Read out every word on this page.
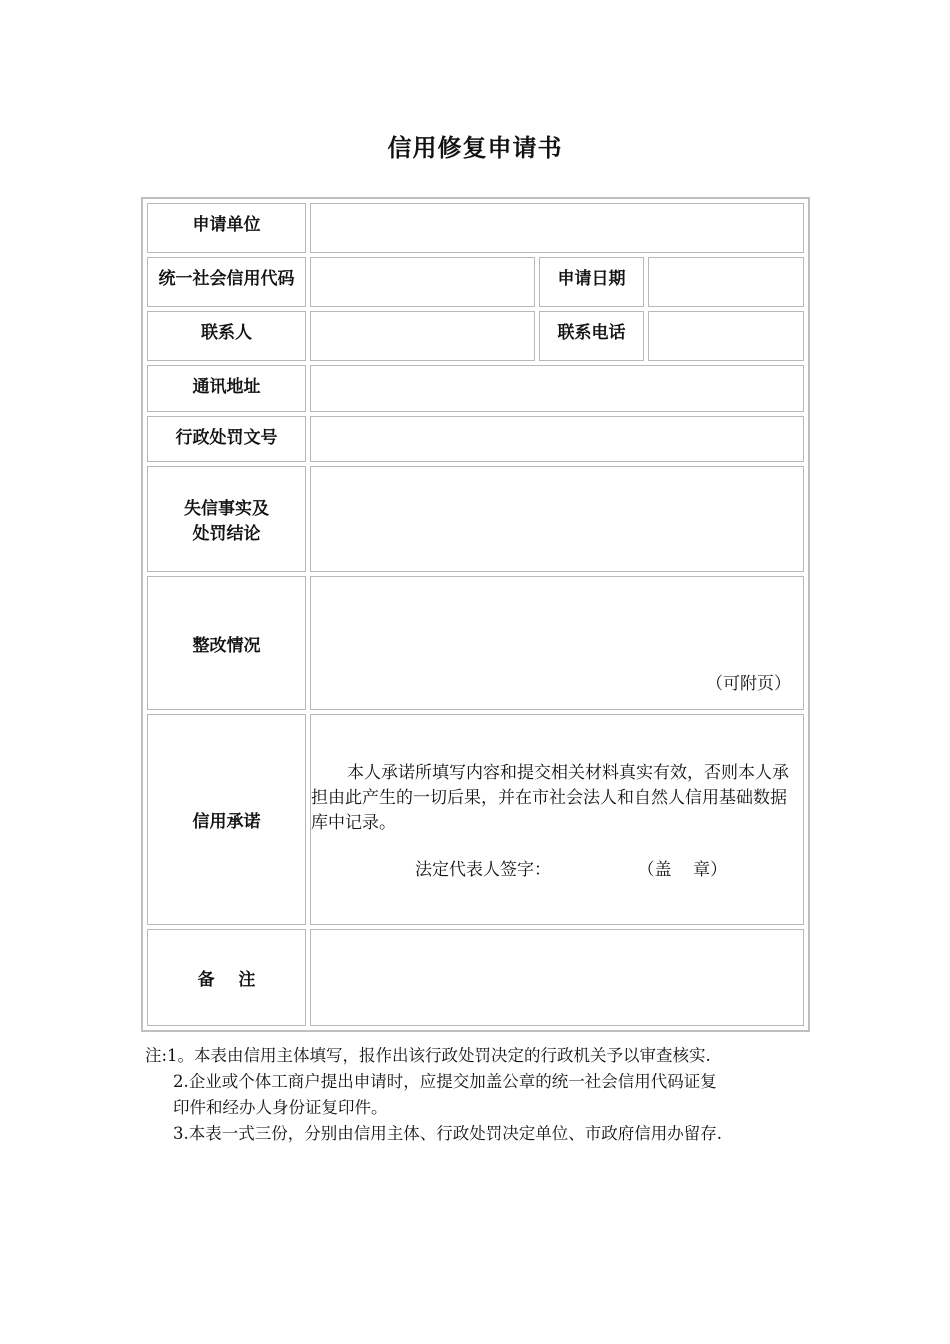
信用修复申请书
申请单位			
统一社会信用代码		申请日期	
联系人		联系电话	
通讯地址			
行政处罚文号			

失信事实及
处罚结论			

整改情况	（可附页）		

信用承诺	本人承诺所填写内容和提交相关材料真实有效，否则本人承担由此产生的一切后果，并在市社会法人和自然人信用基础数据库中记录。

法定代表人签字：                （盖    章）		

备    注			
注:1。本表由信用主体填写，报作出该行政处罚决定的行政机关予以审查核实.
2.企业或个体工商户提出申请时，应提交加盖公章的统一社会信用代码证复
印件和经办人身份证复印件。
3.本表一式三份，分别由信用主体、行政处罚决定单位、市政府信用办留存.
